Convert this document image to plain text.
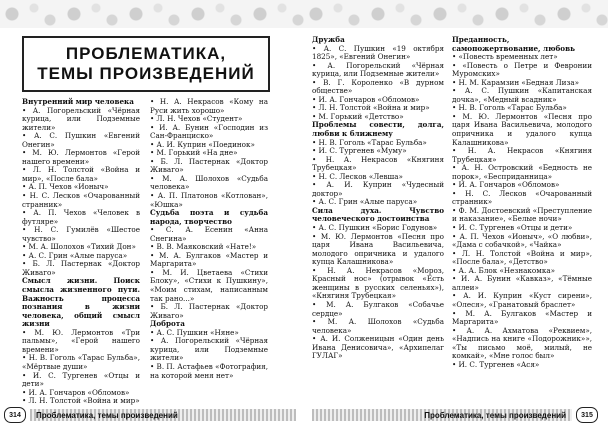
ПРОБЛЕМАТИКА,
ТЕМЫ ПРОИЗВЕДЕНИЙ

Внутренний мир человека

• А. Погорельский «Чёрная курица, или Подземные жители»

• А. С. Пушкин «Евгений Онегин»

• М. Ю. Лермонтов «Герой нашего времени»

• Л. Н. Толстой «Война и мир», «После бала»

• А. П. Чехов «Ионыч»

• Н. С. Лесков «Очарованный странник»

• А. П. Чехов «Человек в футляре»

• Н. С. Гумилёв «Шестое чувство»

• М. А. Шолохов «Тихий Дон»

• А. С. Грин «Алые паруса»

• Б. Л. Пастернак «Доктор Живаго»

Смысл жизни. Поиск смысла жизненного пути. Важность процесса познания в жизни человека, общий смысл жизни

• М. Ю. Лермонтов «Три пальмы», «Герой нашего времени»

• Н. В. Гоголь «Тарас Бульба», «Мёртвые души»

• И. С. Тургенев «Отцы и дети»

• И. А. Гончаров «Обломов»

• Л. Н. Толстой «Война и мир»

• Н. А. Некрасов «Кому на Руси жить хорошо»

• Л. Н. Чехов «Студент»

• И. А. Бунин «Господин из Сан-Франциско»

• А. И. Куприн «Поединок»

• М. Горький «На дне»

• Б. Л. Пастернак «Доктор Живаго»

• М. А. Шолохов «Судьба человека»

• А. П. Платонов «Котлован», «Юшка»

Судьба поэта и судьба народа, творчество

• С. А. Есенин «Анна Снегина»

• В. В. Маяковский «Нате!»

• М. А. Булгаков «Мастер и Маргарита»

• М. И. Цветаева «Стихи Блоку», «Стихи к Пушкину», «Моим стихам, написанным так рано...»

• Б. Л. Пастернак «Доктор Живаго»

Доброта

• А. С. Пушкин «Няне»

• А. Погорельский «Чёрная курица, или Подземные жители»

• В. П. Астафьев «Фотография, на которой меня нет»

314	Проблематика, темы произведений

Дружба

• А. С. Пушкин «19 октября 1825», «Евгений Онегин»

• А. Погорельский «Чёрная курица, или Подземные жители»

• В. Г. Короленко «В дурном обществе»

• И. А. Гончаров «Обломов»

• Л. Н. Толстой «Война и мир»

• М. Горький «Детство»

Проблемы совести, долга, любви к ближнему

• Н. В. Гоголь «Тарас Бульба»

• И. С. Тургенев «Муму»

• Н. А. Некрасов «Княгиня Трубецкая»

• Н. С. Лесков «Левша»

• А. И. Куприн «Чудесный доктор»

• А. С. Грин «Алые паруса»

Сила духа. Чувство человеческого достоинства

• А. С. Пушкин «Борис Годунов»

• М. Ю. Лермонтов «Песня про царя Ивана Васильевича, молодого опричника и удалого купца Калашникова»

• Н. А. Некрасов «Мороз, Красный нос» (отрывок «Есть женщины в русских селеньях»), «Княгиня Трубецкая»

• М. А. Булгаков «Собачье сердце»

• М. А. Шолохов «Судьба человека»

• А. И. Солженицын «Один день Ивана Денисовича», «Архипелаг ГУЛАГ»

Преданность, самопожертвование, любовь

• «Повесть временных лет»

• «Повесть о Петре и Февронии Муромских»

• Н. М. Карамзин «Бедная Лиза»

• А. С. Пушкин «Капитанская дочка», «Медный всадник»

• Н. В. Гоголь «Тарас Бульба»

• М. Ю. Лермонтов «Песня про царя Ивана Васильевича, молодого опричника и удалого купца Калашникова»

• Н. А. Некрасов «Княгиня Трубецкая»

• А. Н. Островский «Бедность не порок», «Бесприданница»

• И. А. Гончаров «Обломов»

• Н. С. Лесков «Очарованный странник»

• Ф. М. Достоевский «Преступление и наказание», «Белые ночи»

• И. С. Тургенев «Отцы и дети»

• А. П. Чехов «Ионыч», «О любви», «Дама с собачкой», «Чайка»

• Л. Н. Толстой «Война и мир», «После бала», «Детство»

• А. А. Блок «Незнакомка»

• И. А. Бунин «Кавказ», «Тёмные аллеи»

• А. И. Куприн «Куст сирени», «Олеся», «Гранатовый браслет»

• М. А. Булгаков «Мастер и Маргарита»

• А. А. Ахматова «Реквием», «Надпись на книге «Подорожник»», «Ты письмо моё, милый, не комкай», «Мне голос был»

• И. С. Тургенев «Ася»

Проблематика, темы произведений	315
